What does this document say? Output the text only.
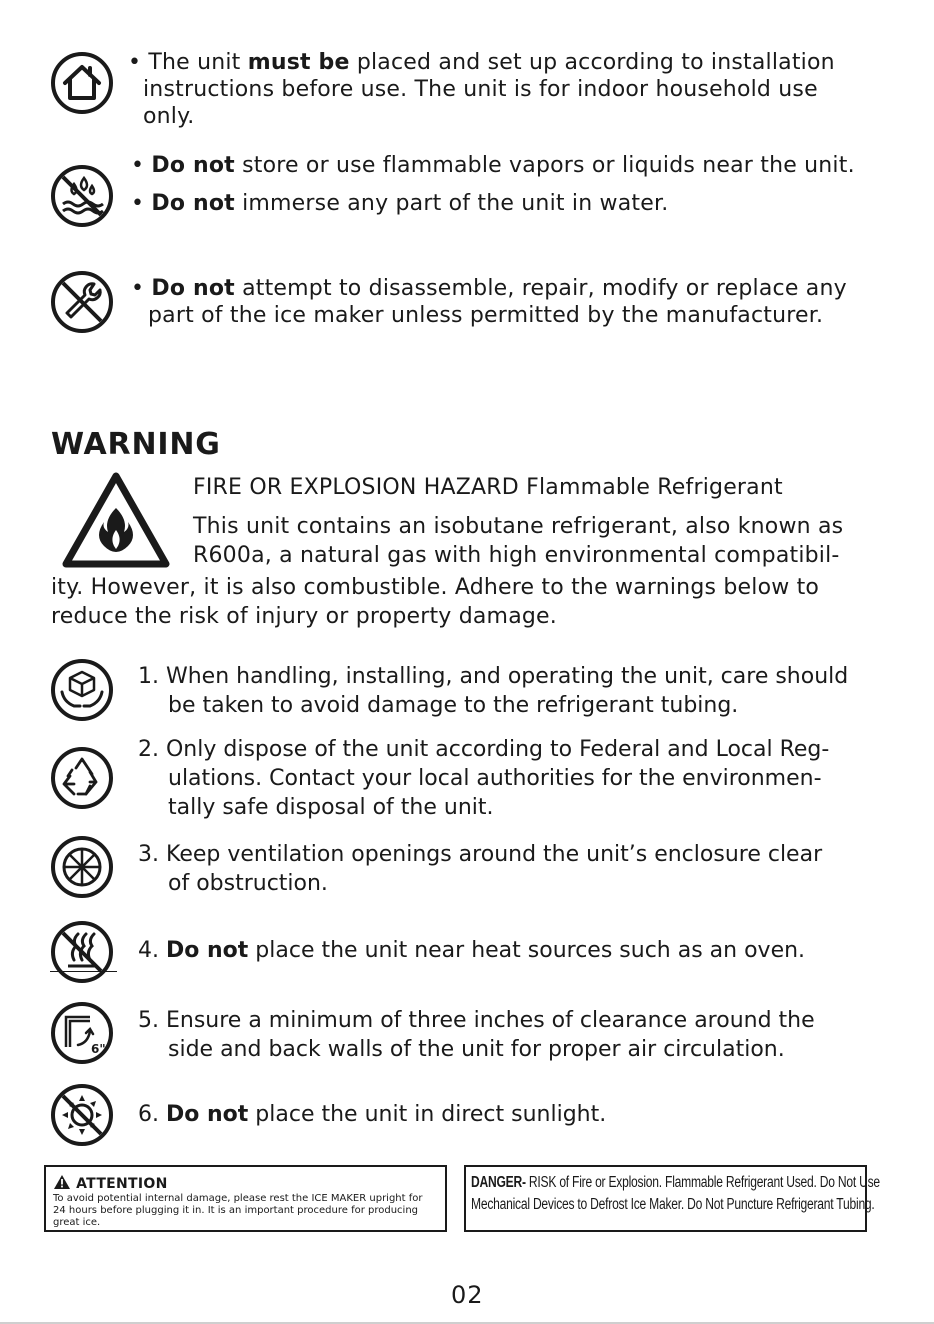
• The unit must be placed and set up according to installation
instructions before use. The unit is for indoor household use
only.
• Do not store or use flammable vapors or liquids near the unit.
• Do not immerse any part of the unit in water.
• Do not attempt to disassemble, repair, modify or replace any
part of the ice maker unless permitted by the manufacturer.
WARNING
FIRE OR EXPLOSION HAZARD Flammable Refrigerant
This unit contains an isobutane refrigerant, also known as
R600a, a natural gas with high environmental compatibil-
ity. However, it is also combustible. Adhere to the warnings below to
reduce the risk of injury or property damage.
1. When handling, installing, and operating the unit, care should
be taken to avoid damage to the refrigerant tubing.
2. Only dispose of the unit according to Federal and Local Reg-
ulations. Contact your local authorities for the environmen-
tally safe disposal of the unit.
3. Keep ventilation openings around the unit’s enclosure clear
of obstruction.
4. Do not place the unit near heat sources such as an oven.
6"
5. Ensure a minimum of three inches of clearance around the
side and back walls of the unit for proper air circulation.
6. Do not place the unit in direct sunlight.
ATTENTION
To avoid potential internal damage, please rest the ICE MAKER upright for
24 hours before plugging it in. It is an important procedure for producing
great ice.
DANGER- RISK of Fire or Explosion. Flammable Refrigerant Used. Do Not Use
Mechanical Devices to Defrost Ice Maker. Do Not Puncture Refrigerant Tubing.
02
